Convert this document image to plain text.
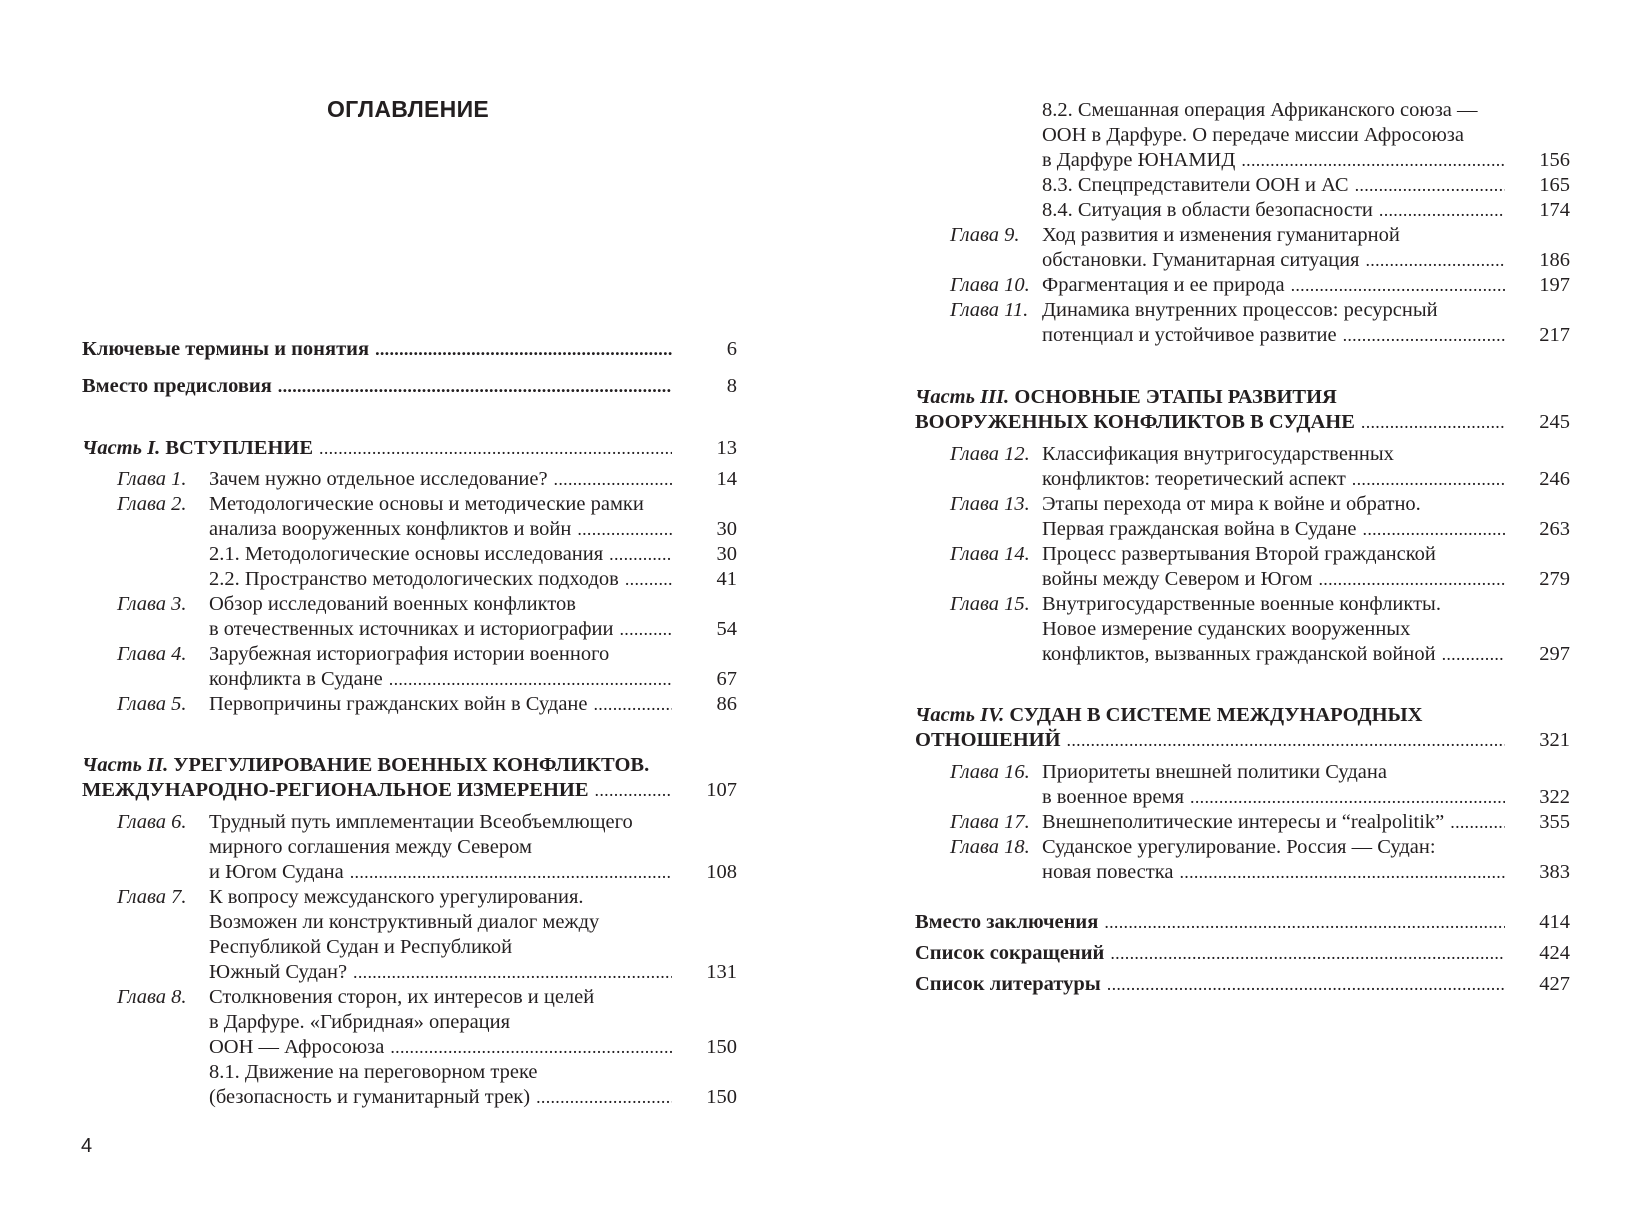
ОГЛАВЛЕНИЕ
Ключевые термины и понятия . . .	6
Вместо предисловия . . .	8
Часть I. ВСТУПЛЕНИЕ . . .	13
Глава 1. Зачем нужно отдельное исследование? . . .	14
Глава 2. Методологические основы и методические рамки
анализа вооруженных конфликтов и войн . . .	30
2.1. Методологические основы исследования . . .	30
2.2. Пространство методологических подходов . . .	41
Глава 3. Обзор исследований военных конфликтов
в отечественных источниках и историографии . . .	54
Глава 4. Зарубежная историография истории военного
конфликта в Судане . . .	67
Глава 5. Первопричины гражданских войн в Судане . . .	86
Часть II.
УРЕГУЛИРОВАНИЕ ВОЕННЫХ КОНФЛИКТОВ.
МЕЖДУНАРОДНО-РЕГИОНАЛЬНОЕ ИЗМЕРЕНИЕ . . .	107
Глава 6. Трудный путь имплементации Всеобъемлющего
мирного соглашения между Севером
и Югом Судана . . .	108
Глава 7. К вопросу межсуданского урегулирования.
Возможен ли конструктивный диалог между
Республикой Судан и Республикой
Южный Судан? . . .	131
Глава 8. Столкновения сторон, их интересов и целей
в Дарфуре. «Гибридная» операция
ООН — Афросоюза . . .	150
8.1. Движение на переговорном треке
(безопасность и гуманитарный трек) . . .	150
4
8.2. Смешанная операция Африканского союза —
ООН в Дарфуре. О передаче миссии Афросоюза
в Дарфуре ЮНАМИД . . .	156
8.3. Спецпредставители ООН и АС . . .	165
8.4. Ситуация в области безопасности . . .	174
Глава 9. Ход развития и изменения гуманитарной
обстановки. Гуманитарная ситуация . . .	186
Глава 10. Фрагментация и ее природа . . .	197
Глава 11. Динамика внутренних процессов: ресурсный
потенциал и устойчивое развитие . . .	217
Часть III.
ОСНОВНЫЕ ЭТАПЫ РАЗВИТИЯ
ВООРУЖЕННЫХ КОНФЛИКТОВ В СУДАНЕ . . .	245
Глава 12. Классификация внутригосударственных
конфликтов: теоретический аспект . . .	246
Глава 13. Этапы перехода от мира к войне и обратно.
Первая гражданская война в Судане . . .	263
Глава 14. Процесс развертывания Второй гражданской
войны между Севером и Югом . . .	279
Глава 15. Внутригосударственные военные конфликты.
Новое измерение суданских вооруженных
конфликтов, вызванных гражданской войной . . .	297
Часть IV.
СУДАН В СИСТЕМЕ МЕЖДУНАРОДНЫХ
ОТНОШЕНИЙ . . .	321
Глава 16. Приоритеты внешней политики Судана
в военное время . . .	322
Глава 17. Внешнеполитические интересы и “realpolitik” . . .	355
Глава 18. Суданское урегулирование. Россия — Судан:
новая повестка . . .	383
Вместо заключения . . .	414
Список сокращений . . .	424
Список литературы . . .	427
